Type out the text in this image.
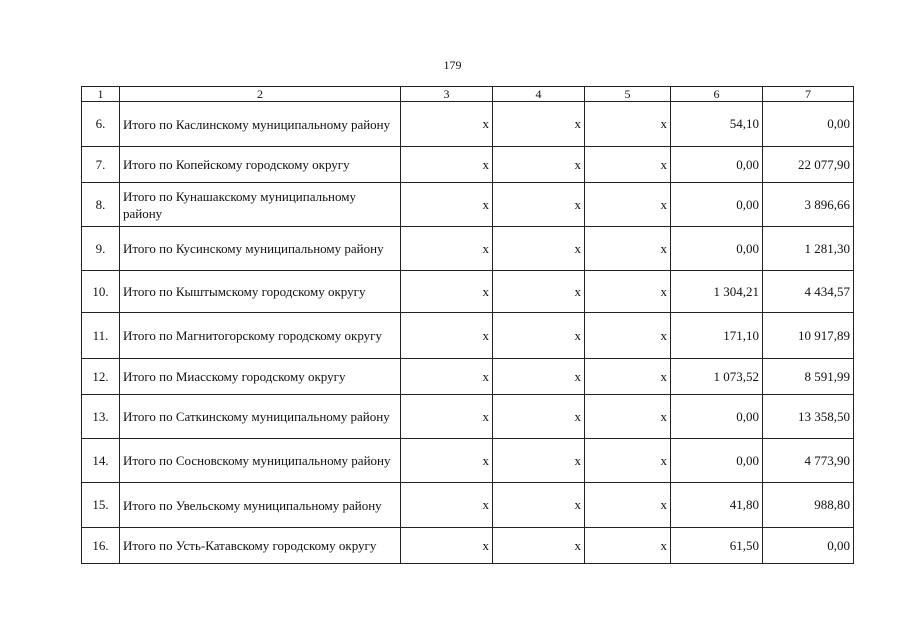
179
1	2	3	4	5	6	7
6.	Итого по Каслинскому муниципальному району	х	х	х	54,10	0,00
7.	Итого по Копейскому городскому округу	х	х	х	0,00	22 077,90
8.	Итого по Кунашакскому муниципальному району	х	х	х	0,00	3 896,66
9.	Итого по Кусинскому муниципальному району	х	х	х	0,00	1 281,30
10.	Итого по Кыштымскому городскому округу	х	х	х	1 304,21	4 434,57
11.	Итого по Магнитогорскому городскому округу	х	х	х	171,10	10 917,89
12.	Итого по Миасскому городскому округу	х	х	х	1 073,52	8 591,99
13.	Итого по Саткинскому муниципальному району	х	х	х	0,00	13 358,50
14.	Итого по Сосновскому муниципальному району	х	х	х	0,00	4 773,90
15.	Итого по Увельскому муниципальному району	х	х	х	41,80	988,80
16.	Итого по Усть-Катавскому городскому округу	х	х	х	61,50	0,00
